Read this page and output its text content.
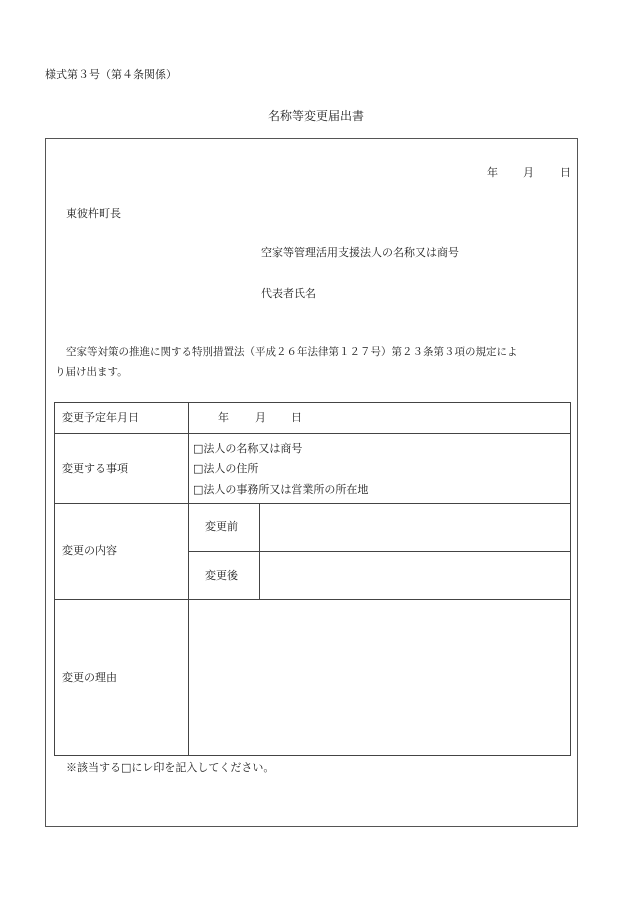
様式第３号（第４条関係）
名称等変更届出書
年 月 日
東彼杵町長
空家等管理活用支援法人の名称又は商号
代表者氏名
空家等対策の推進に関する特別措置法（平成２６年法律第１２７号）第２３条第３項の規定によ
り届け出ます。
変更予定年月日	年 月 日
変更する事項
□法人の名称又は商号
□法人の住所
□法人の事務所又は営業所の所在地
変更の内容
変更前
変更後
変更の理由
※該当する□にレ印を記入してください。
